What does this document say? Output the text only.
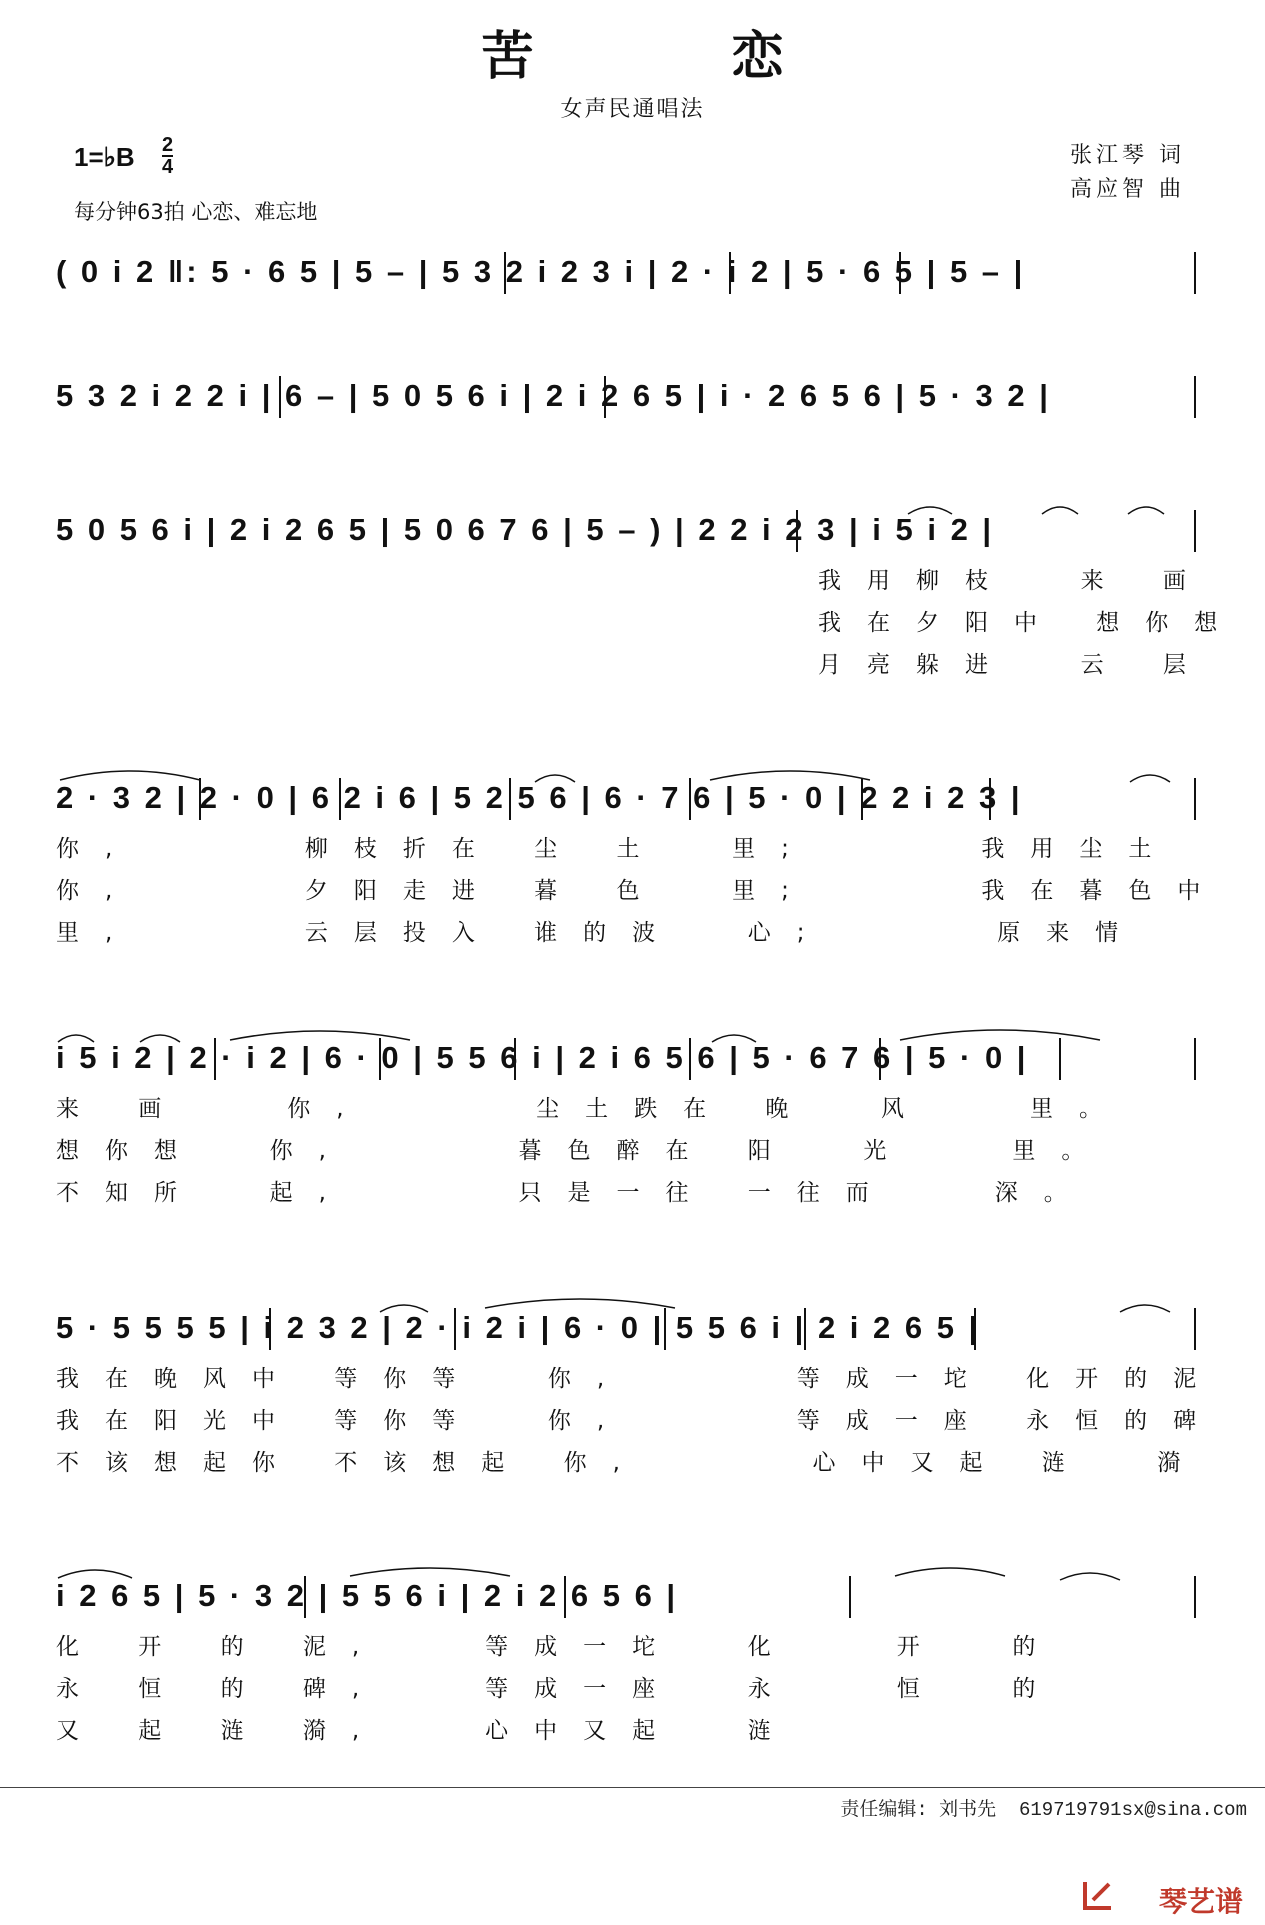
苦 恋
女声民通唱法
1=♭B 2
4
每分钟63拍 心恋、难忘地
张江琴 词
高应智 曲
( 0 i 2 ‖: 5 · 6 5 | 5 – | 5 3 2 i 2 3 i | 2 · i 2 | 5 · 6 5 | 5 – |
5 3 2 i 2 2 i | 6 – | 5 0 5 6 i | 2 i 2 6 5 | i · 2 6 5 6 | 5 · 3 2 |
5 0 5 6 i | 2 i 2 6 5 | 5 0 6 7 6 | 5 – ) | 2 2 i 2 3 | i 5 i 2 |
我用柳枝  来 画
我在夕阳中 想你想
月亮躲进  云 层
2 · 3 2 | 2 · 0 | 6 2 i 6 | 5 2 5 6 | 6 · 7 6 | 5 · 0 | 2 2 i 2 3 |
你,     柳枝折在 尘 土  里;     我用尘土
你,     夕阳走进 暮 色  里;     我在暮色中
里,     云层投入 谁的波  心;     原来情
i 5 i 2 | 2 · i 2 | 6 · 0 | 5 5 6 i | 2 i 6 5 6 | 5 · 6 7 6 | 5 · 0 |
来 画   你,     尘土跌在 晚  风   里。
想你想  你,     暮色醉在 阳  光   里。
不知所  起,     只是一往 一往而   深。
5 · 5 5 5 5 | i 2 3 2 | 2 · i 2 i | 6 · 0 | 5 5 6 i | 2 i 2 6 5 |
我在晚风中 等你等  你,     等成一坨 化开的泥
我在阳光中 等你等  你,     等成一座 永恒的碑
不该想起你 不该想起 你,     心中又起 涟  漪
i 2 6 5 | 5 · 3 2 | 5 5 6 i | 2 i 2 6 5 6 |
化 开 的 泥,   等成一坨  化   开  的
永 恒 的 碑,   等成一座  永   恒  的
又 起 涟 漪,   心中又起  涟
责任编辑: 刘书先  619719791sx@sina.com
琴艺谱
